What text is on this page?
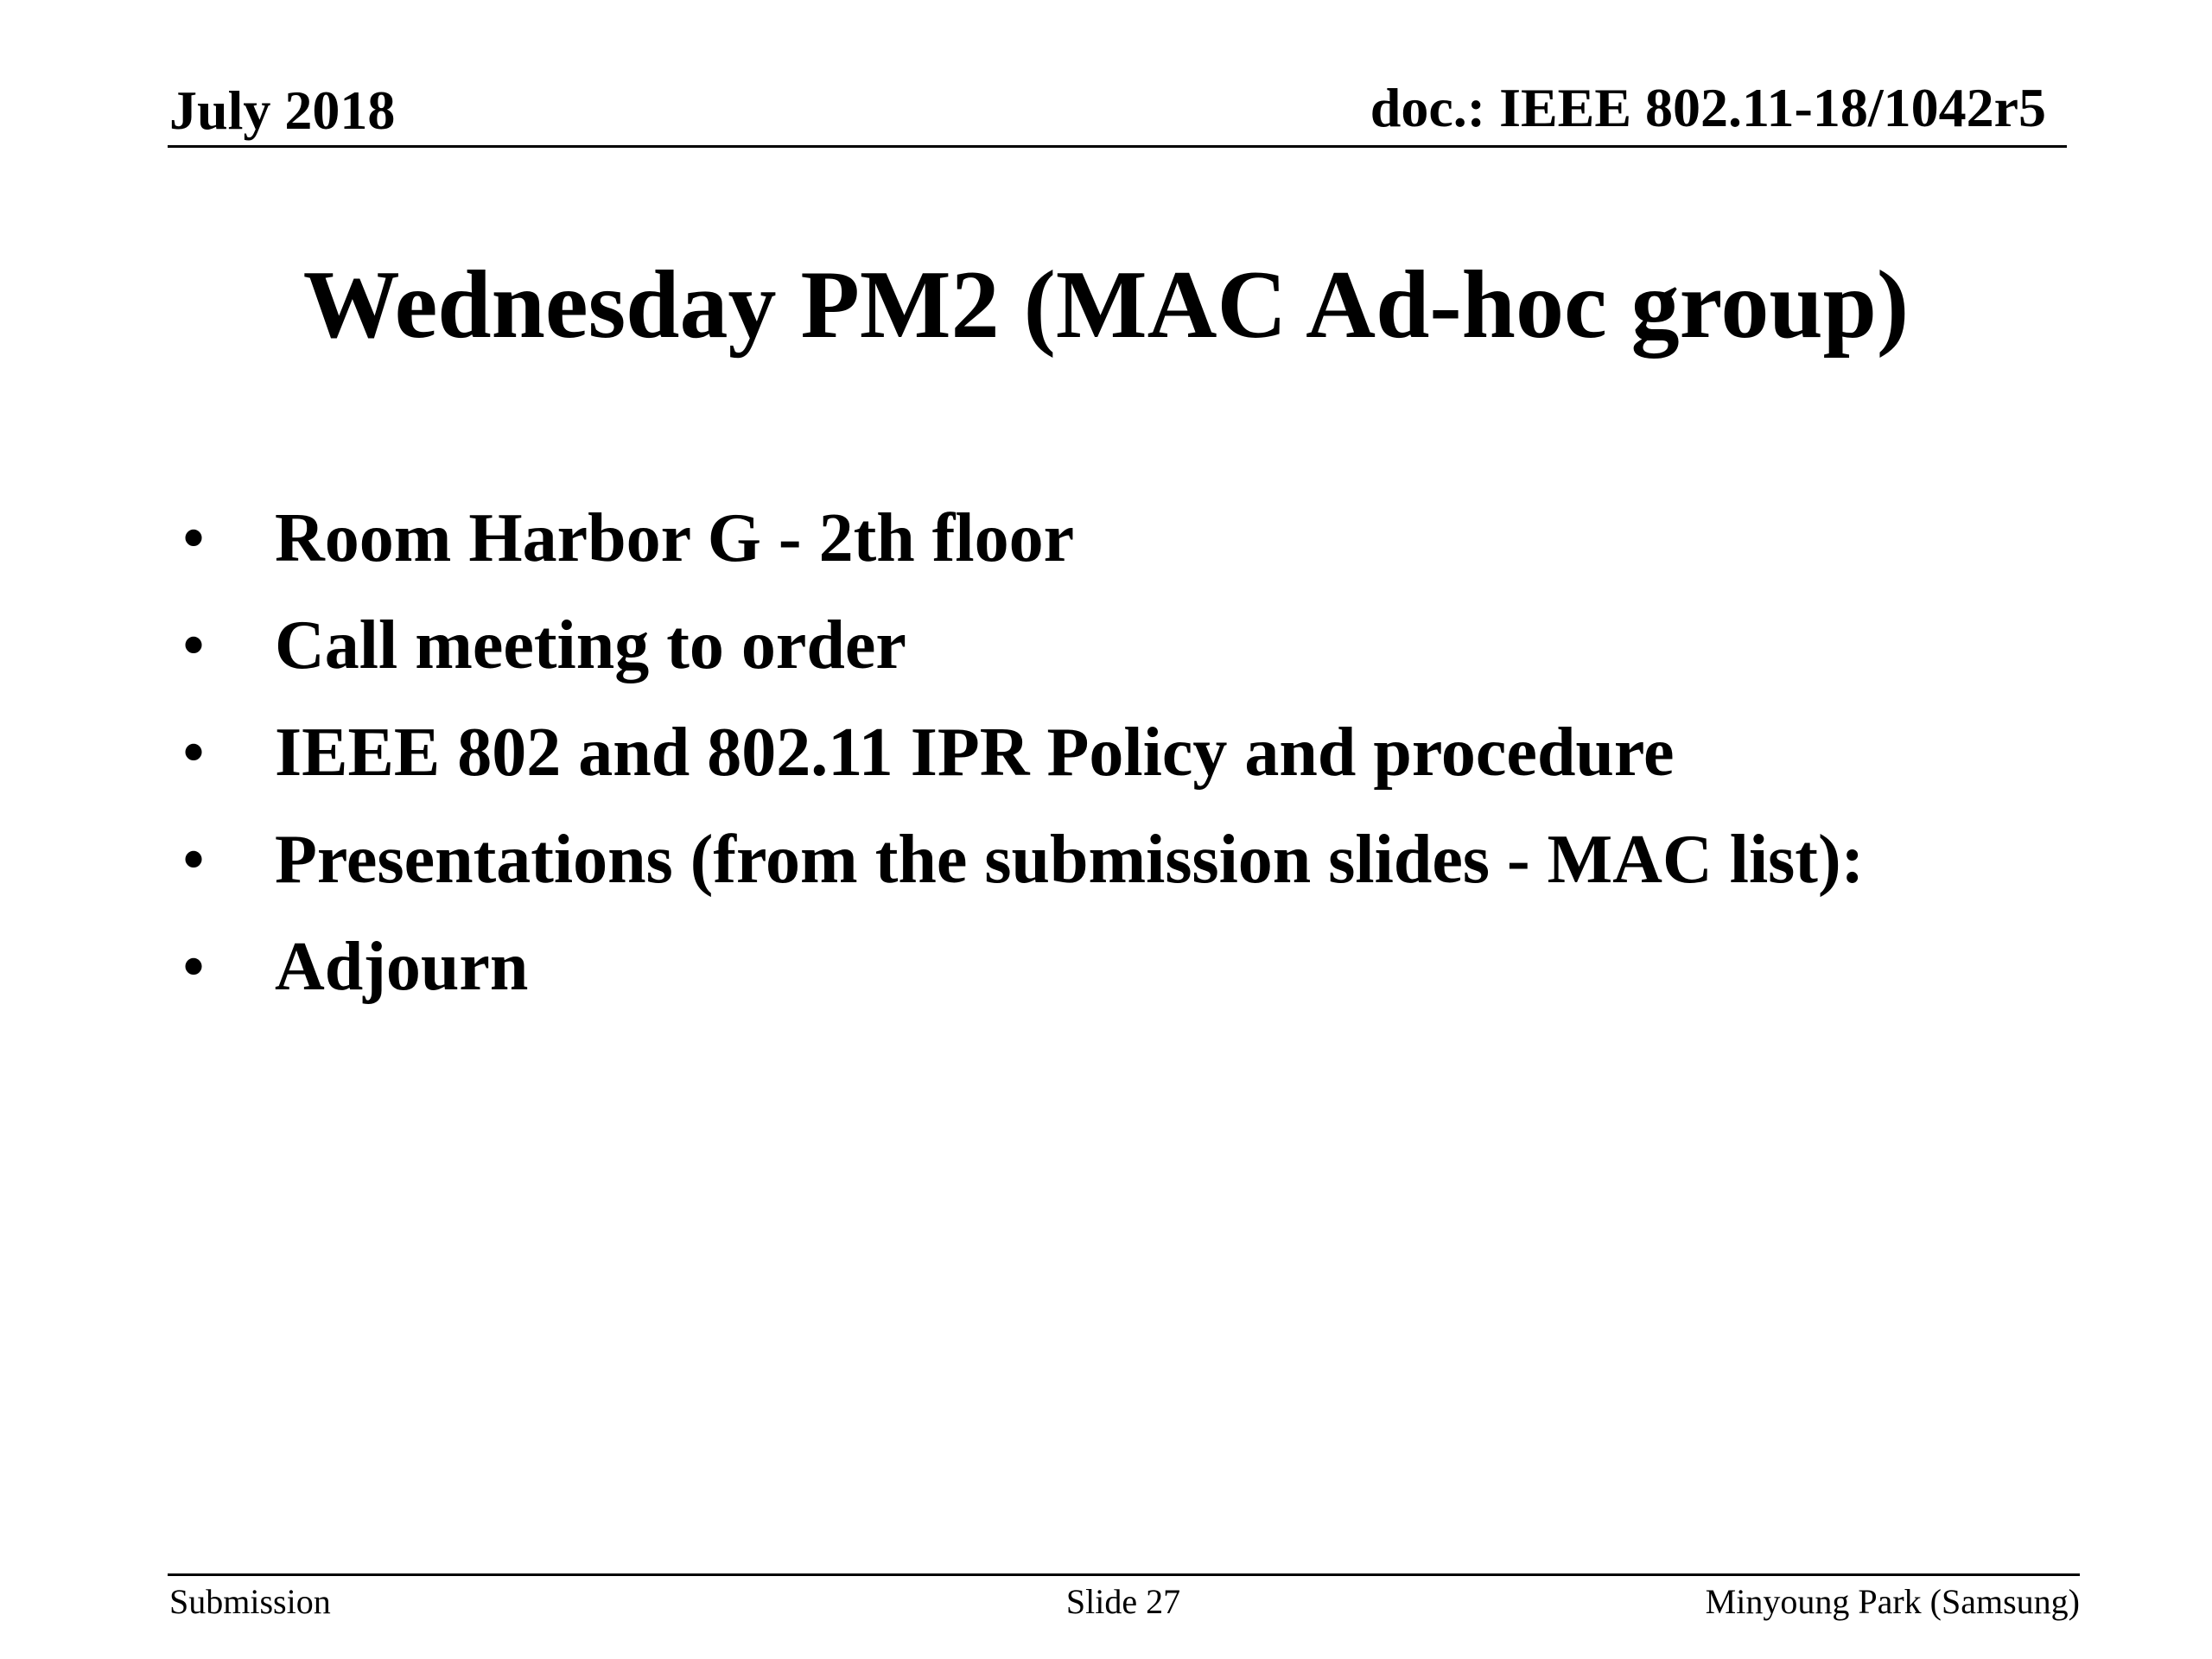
July 2018	doc.: IEEE 802.11-18/1042r5
Wednesday PM2 (MAC Ad-hoc group)
• Room Harbor G - 2th floor
• Call meeting to order
• IEEE 802 and 802.11 IPR Policy and procedure
• Presentations (from the submission slides - MAC list):
• Adjourn
Submission	Slide 27	Minyoung Park (Samsung)
